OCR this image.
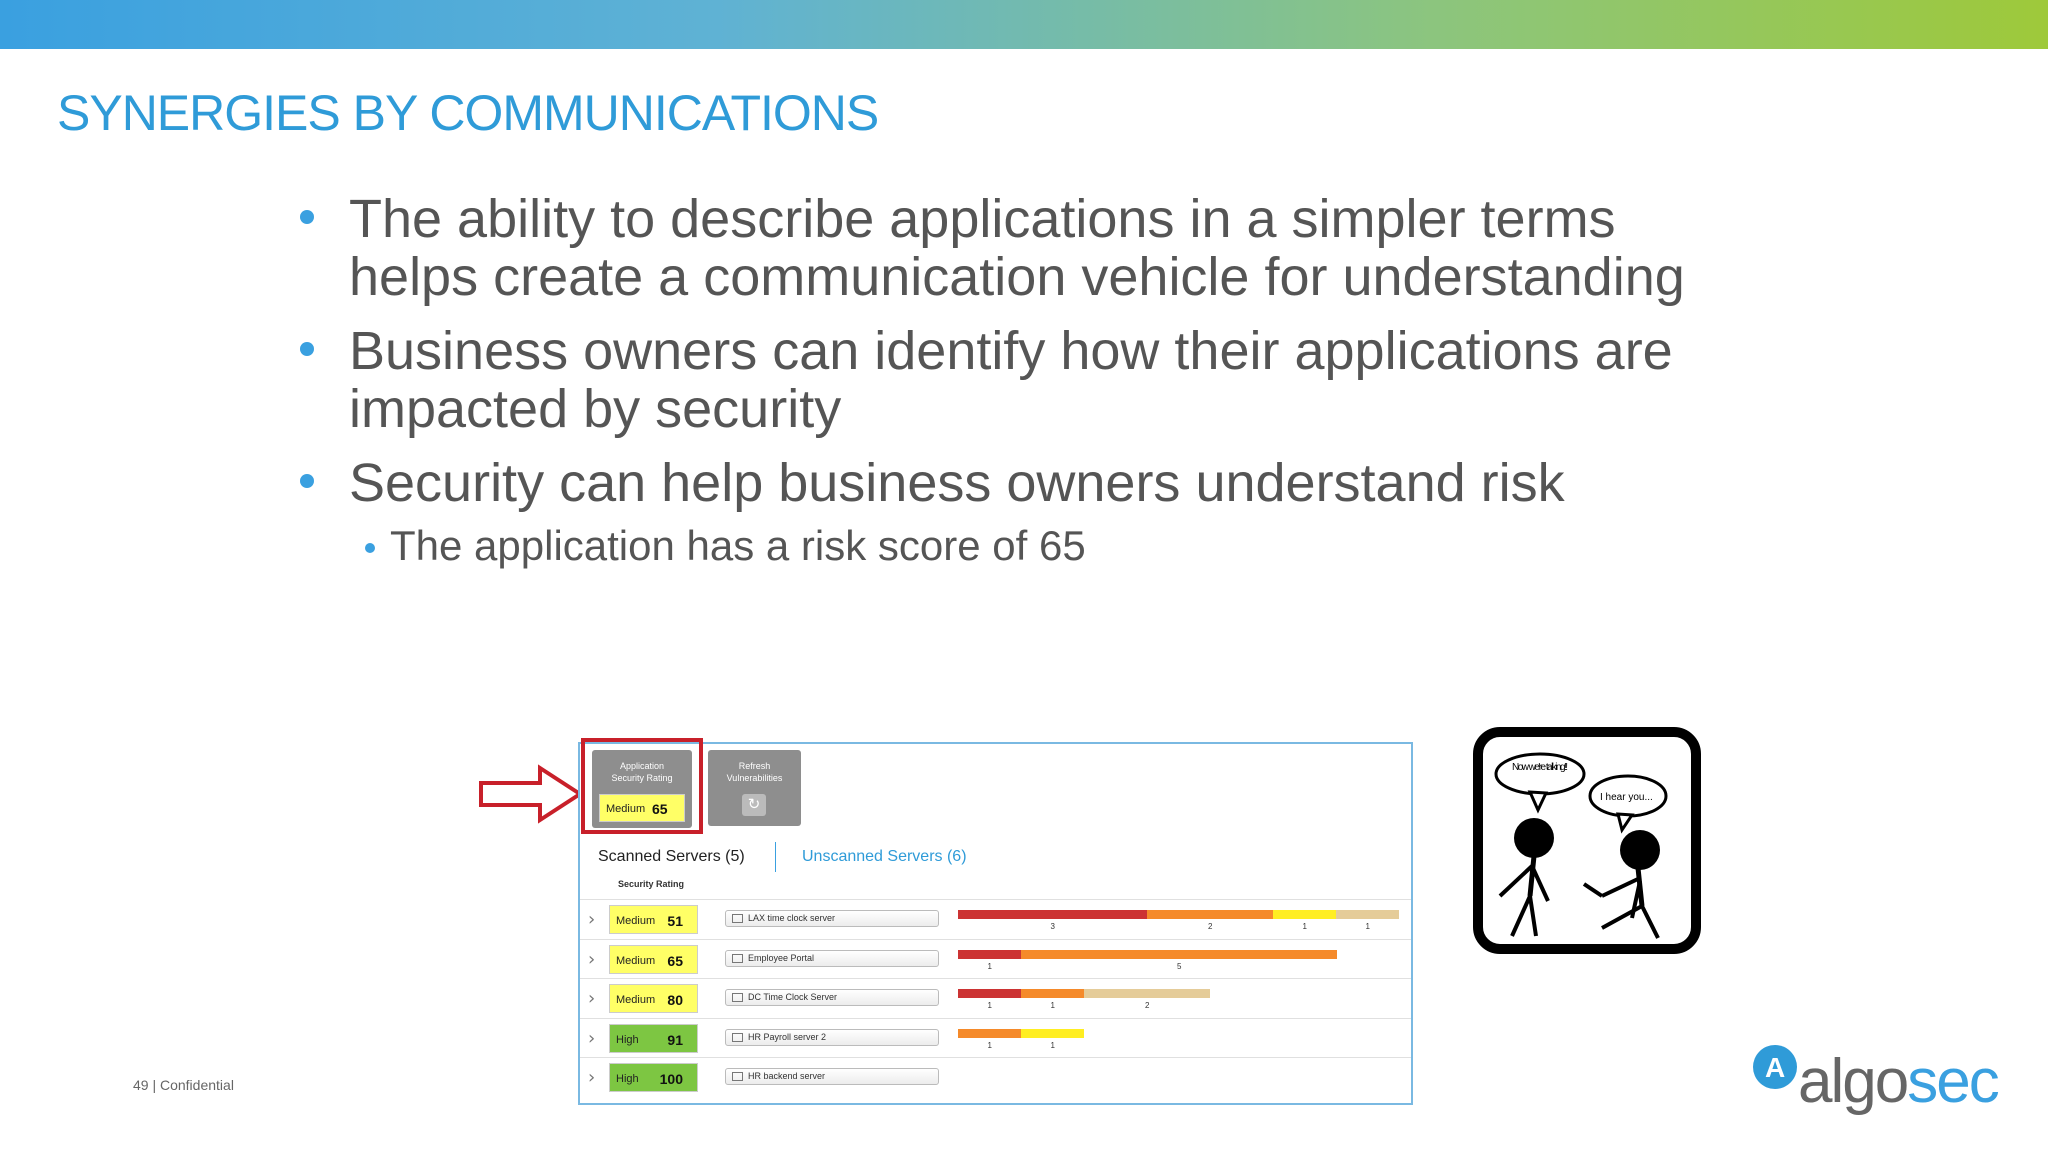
SYNERGIES BY COMMUNICATIONS
The ability to describe applications in a simpler terms helps create a communication vehicle for understanding
Business owners can identify how their applications are impacted by security
Security can help business owners understand risk
The application has a risk score of 65
Application Security Rating
Medium 65
Refresh Vulnerabilities
↻
Scanned Servers (5)	Unscanned Servers (6)
Security Rating
› Medium 51	LAX time clock server
3	2	1	1
› Medium 65	Employee Portal
1	5
› Medium 80	DC Time Clock Server
1	1	2
› High 91	HR Payroll server 2
1	1
› High 100	HR backend server
Now we're talking!!
I hear you...
49 | Confidential
A algosec
